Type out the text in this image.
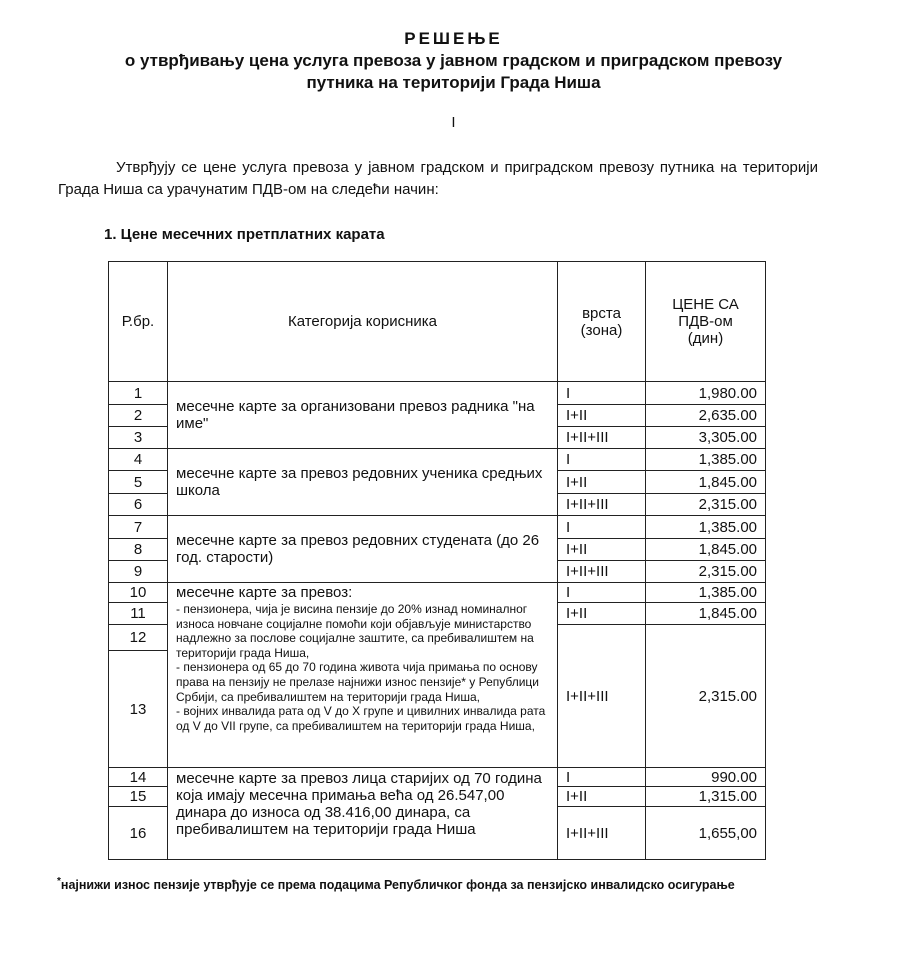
РЕШЕЊЕ
о утврђивању цена услуга превоза у јавном градском и приградском превозу
путника на територији Града Ниша
I
Утврђују се цене услуга превоза у јавном градском и приградском превозу путника на територији Града Ниша са урачунатим ПДВ-ом на следећи начин:
1. Цене месечних претплатних карата
Р.бр.	Категорија корисника	врста (зона)	ЦЕНЕ СА ПДВ-ом (дин)
1	месечне карте за организовани превоз радника "на име"	I	1,980.00
2		I+II	2,635.00
3		I+II+III	3,305.00
4	месечне карте за превоз редовних ученика средњих школа	I	1,385.00
5		I+II	1,845.00
6		I+II+III	2,315.00
7	месечне карте за превоз редовних студената (до 26 год. старости)	I	1,385.00
8		I+II	1,845.00
9		I+II+III	2,315.00
10	месечне карте за превоз:
- пензионера, чија је висина пензије до 20% изнад номиналног износа новчане социјалне помоћи који објављује министарство надлежно за послове социјалне заштите, са пребивалиштем на територији града Ниша,
- пензионера од 65 до 70 година живота чија примања по основу права на пензију не прелазе најнижи износ пензије* у Републици Србији, са пребивалиштем на територији града Ниша,
- војних инвалида рата од V до X групе и цивилних инвалида рата од V до VII групе, са пребивалиштем на територији града Ниша,	I	1,385.00
11		I+II	1,845.00
12		I+II+III	2,315.00
13			
14	месечне карте за превоз лица старијих од 70 година која имају месечна примања већа од 26.547,00 динара до износа од 38.416,00 динара, са пребивалиштем на територији града Ниша	I	990.00
15		I+II	1,315.00
16		I+II+III	1,655,00
*најнижи износ пензије утврђује се према подацима Републичког фонда за пензијско инвалидско осигурање
